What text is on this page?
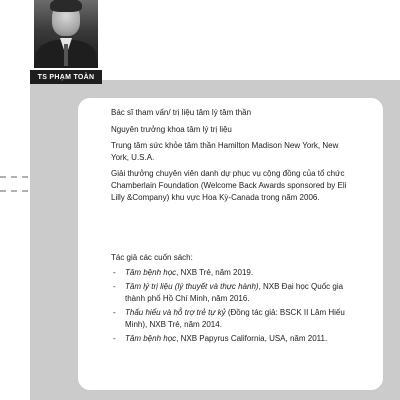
TS PHẠM TOÀN

Bác sĩ tham vấn/ trị liệu tâm lý tâm thần

Nguyên trưởng khoa tâm lý trị liệu

Trung tâm sức khỏe tâm thần Hamilton Madison New York, New York, U.S.A.

Giải thưởng chuyên viên danh dự phục vụ cộng đồng của tổ chức Chamberlain Foundation (Welcome Back Awards sponsored by Eli Lilly &Company) khu vực Hoa Kỳ-Canada trong năm 2006.

Tác giả các cuốn sách:

- Tâm bệnh học, NXB Trẻ, năm 2019.
- Tâm lý trị liệu (lý thuyết và thực hành), NXB Đại học Quốc gia thành phố Hồ Chí Minh, năm 2016.
- Thấu hiểu và hỗ trợ trẻ tự kỷ (Đồng tác giả: BSCK II Lâm Hiếu Minh), NXB Trẻ, năm 2014.
- Tâm bệnh học, NXB Papyrus California, USA, năm 2011.
